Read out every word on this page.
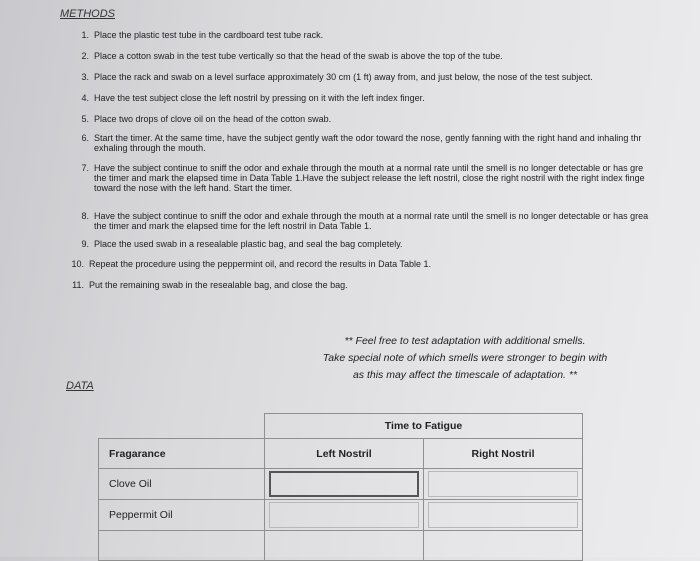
METHODS
1. Place the plastic test tube in the cardboard test tube rack.
2. Place a cotton swab in the test tube vertically so that the head of the swab is above the top of the tube.
3. Place the rack and swab on a level surface approximately 30 cm (1 ft) away from, and just below, the nose of the test subject.
4. Have the test subject close the left nostril by pressing on it with the left index finger.
5. Place two drops of clove oil on the head of the cotton swab.
6. Start the timer. At the same time, have the subject gently waft the odor toward the nose, gently fanning with the right hand and inhaling thr
exhaling through the mouth.
7. Have the subject continue to sniff the odor and exhale through the mouth at a normal rate until the smell is no longer detectable or has gre
the timer and mark the elapsed time in Data Table 1.Have the subject release the left nostril, close the right nostril with the right index finge
toward the nose with the left hand. Start the timer.
8. Have the subject continue to sniff the odor and exhale through the mouth at a normal rate until the smell is no longer detectable or has grea
the timer and mark the elapsed time for the left nostril in Data Table 1.
9. Place the used swab in a resealable plastic bag, and seal the bag completely.
10. Repeat the procedure using the peppermint oil, and record the results in Data Table 1.
11. Put the remaining swab in the resealable bag, and close the bag.
** Feel free to test adaptation with additional smells.
Take special note of which smells were stronger to begin with
as this may affect the timescale of adaptation. **
DATA
	Time to Fatigue	
Fragarance	Left Nostril	Right Nostril
Clove Oil	

Peppermit Oil	
